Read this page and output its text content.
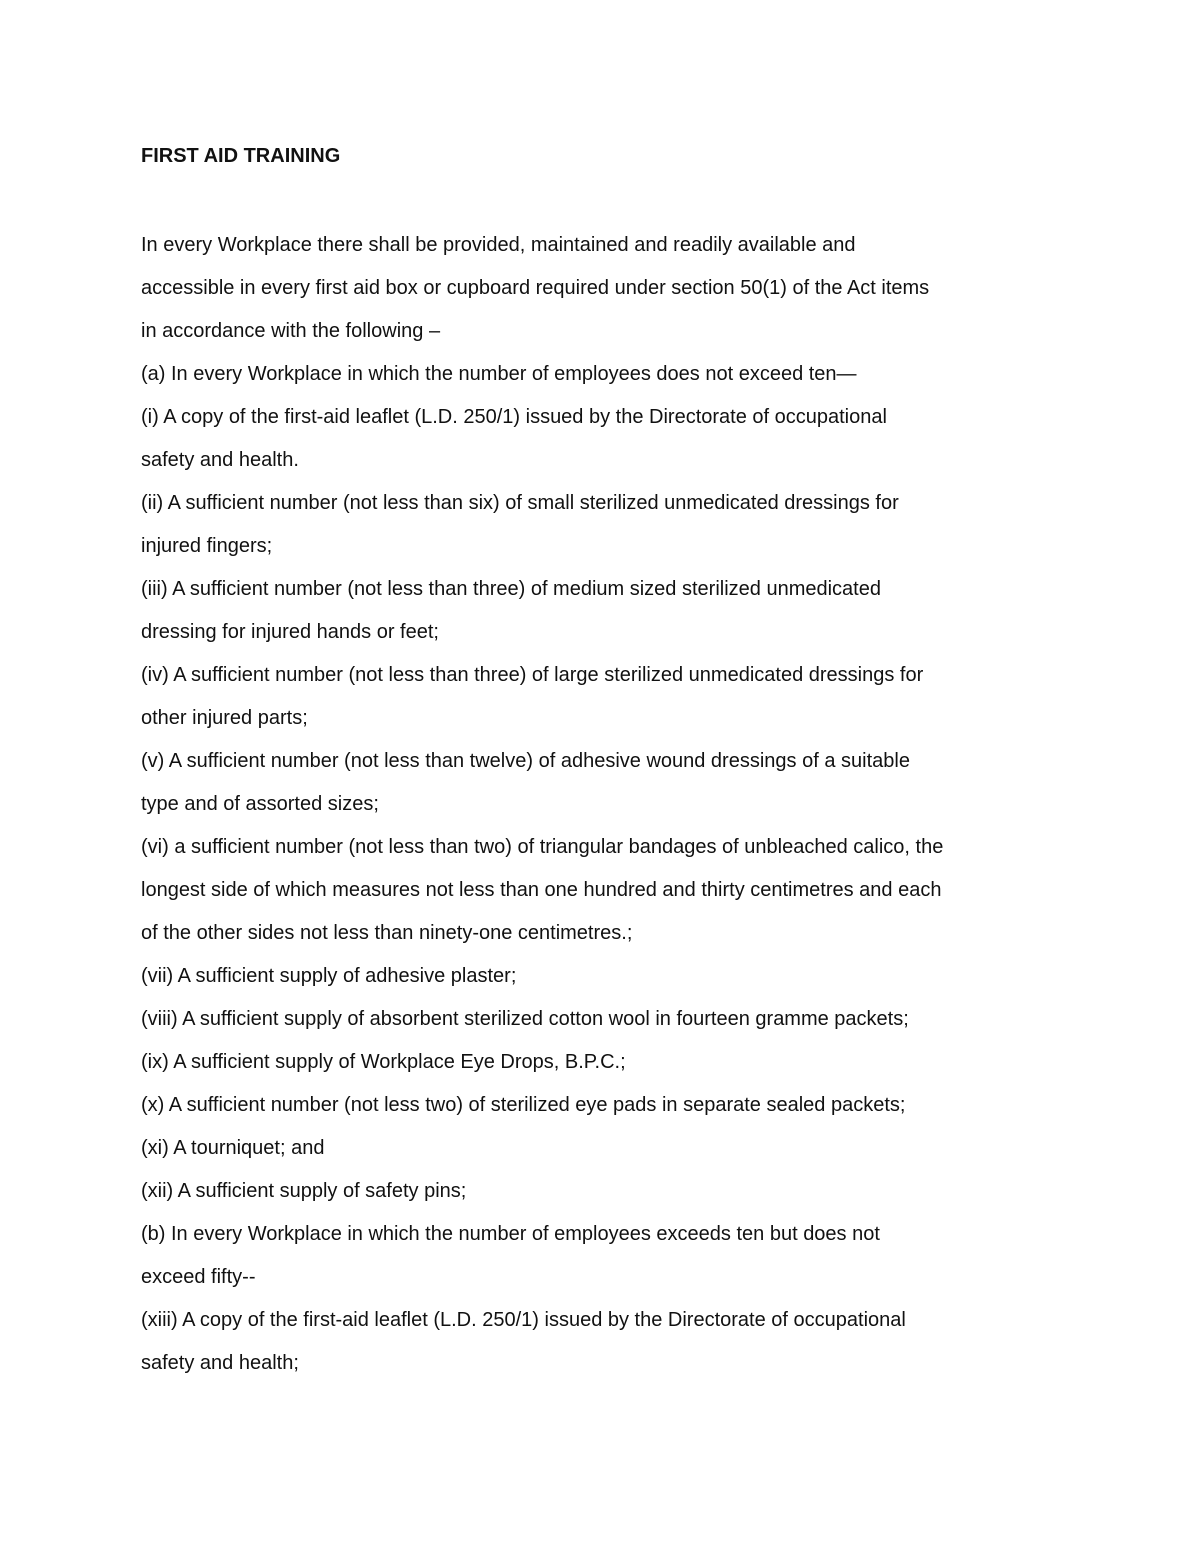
FIRST AID TRAINING

In every Workplace there shall be provided, maintained and readily available and

accessible in every first aid box or cupboard required under section 50(1) of the Act items

in accordance with the following –

(a) In every Workplace in which the number of employees does not exceed ten—

(i) A copy of the first-aid leaflet (L.D. 250/1) issued by the Directorate of occupational

safety and health.

(ii) A sufficient number (not less than six) of small sterilized unmedicated dressings for

injured fingers;

(iii) A sufficient number (not less than three) of medium sized sterilized unmedicated

dressing for injured hands or feet;

(iv) A sufficient number (not less than three) of large sterilized unmedicated dressings for

other injured parts;

(v) A sufficient number (not less than twelve) of adhesive wound dressings of a suitable

type and of assorted sizes;

(vi) a sufficient number (not less than two) of triangular bandages of unbleached calico, the

longest side of which measures not less than one hundred and thirty centimetres and each

of the other sides not less than ninety-one centimetres.;

(vii) A sufficient supply of adhesive plaster;

(viii) A sufficient supply of absorbent sterilized cotton wool in fourteen gramme packets;

(ix) A sufficient supply of Workplace Eye Drops, B.P.C.;

(x) A sufficient number (not less two) of sterilized eye pads in separate sealed packets;

(xi) A tourniquet; and

(xii) A sufficient supply of safety pins;

(b) In every Workplace in which the number of employees exceeds ten but does not

exceed fifty--

(xiii) A copy of the first-aid leaflet (L.D. 250/1) issued by the Directorate of occupational

safety and health;
